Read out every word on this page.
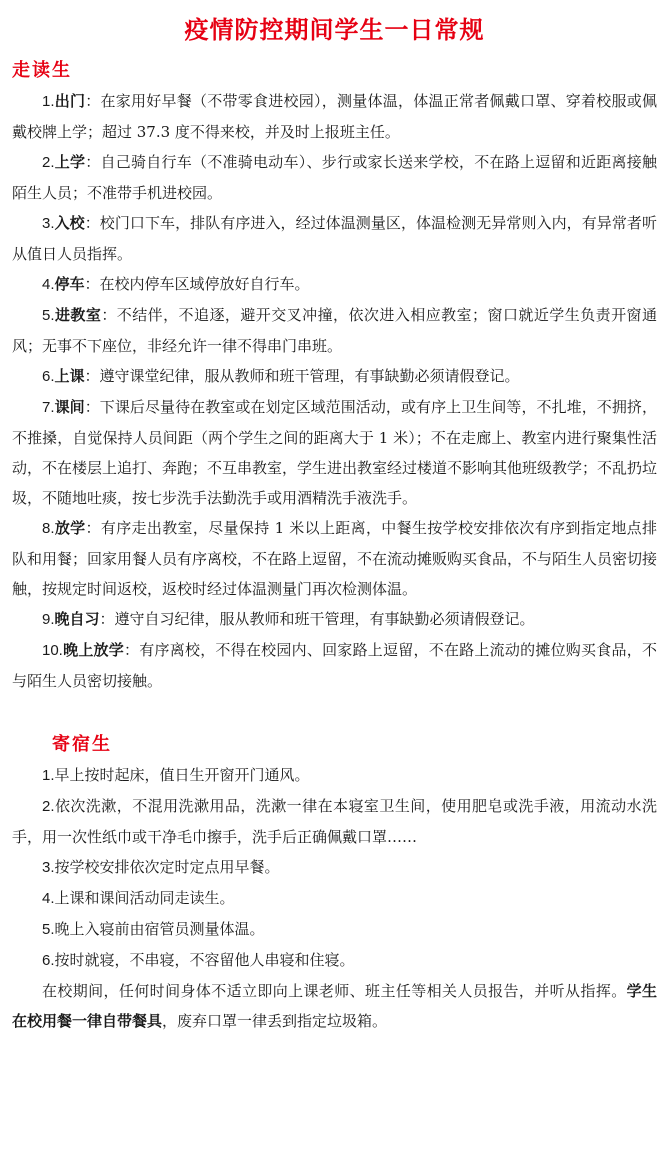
疫情防控期间学生一日常规
走读生

1.出门：在家用好早餐（不带零食进校园），测量体温，体温正常者佩戴口罩、穿着校服或佩戴校牌上学；超过 37.3 度不得来校，并及时上报班主任。

2.上学：自己骑自行车（不准骑电动车）、步行或家长送来学校，不在路上逗留和近距离接触陌生人员；不准带手机进校园。

3.入校：校门口下车，排队有序进入，经过体温测量区，体温检测无异常则入内，有异常者听从值日人员指挥。

4.停车：在校内停车区域停放好自行车。

5.进教室：不结伴，不追逐，避开交叉冲撞，依次进入相应教室；窗口就近学生负责开窗通风；无事不下座位，非经允许一律不得串门串班。

6.上课：遵守课堂纪律，服从教师和班干管理，有事缺勤必须请假登记。

7.课间：下课后尽量待在教室或在划定区域范围活动，或有序上卫生间等，不扎堆，不拥挤，不推搡，自觉保持人员间距（两个学生之间的距离大于 1 米）；不在走廊上、教室内进行聚集性活动，不在楼层上追打、奔跑；不互串教室，学生进出教室经过楼道不影响其他班级教学；不乱扔垃圾，不随地吐痰，按七步洗手法勤洗手或用酒精洗手液洗手。

8.放学：有序走出教室，尽量保持 1 米以上距离，中餐生按学校安排依次有序到指定地点排队和用餐；回家用餐人员有序离校，不在路上逗留，不在流动摊贩购买食品，不与陌生人员密切接触，按规定时间返校，返校时经过体温测量门再次检测体温。

9.晚自习：遵守自习纪律，服从教师和班干管理，有事缺勤必须请假登记。

10.晚上放学：有序离校，不得在校园内、回家路上逗留，不在路上流动的摊位购买食品，不与陌生人员密切接触。

寄宿生

1.早上按时起床，值日生开窗开门通风。

2.依次洗漱，不混用洗漱用品，洗漱一律在本寝室卫生间，使用肥皂或洗手液，用流动水洗手，用一次性纸巾或干净毛巾擦手，洗手后正确佩戴口罩……

3.按学校安排依次定时定点用早餐。

4.上课和课间活动同走读生。

5.晚上入寝前由宿管员测量体温。

6.按时就寝，不串寝，不容留他人串寝和住寝。

在校期间，任何时间身体不适立即向上课老师、班主任等相关人员报告，并听从指挥。学生在校用餐一律自带餐具，废弃口罩一律丢到指定垃圾箱。
